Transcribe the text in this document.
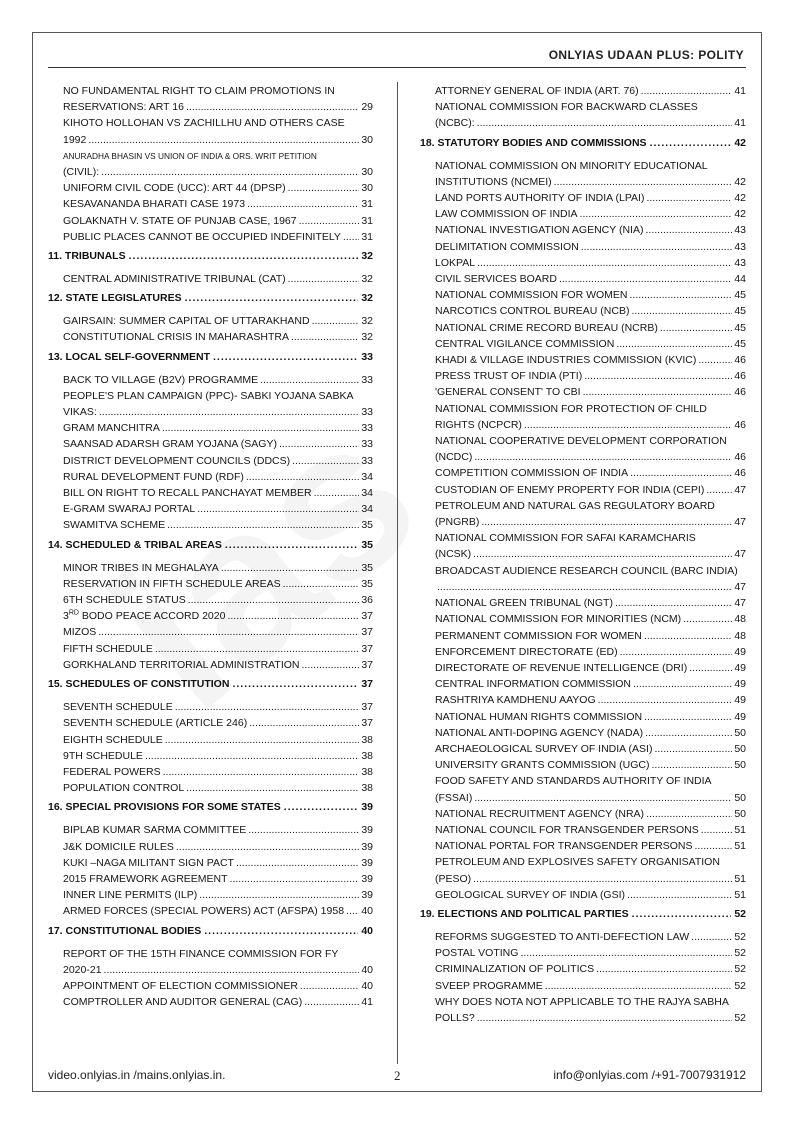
ONLYIAS UDAAN PLUS: POLITY
NO FUNDAMENTAL RIGHT TO CLAIM PROMOTIONS IN
RESERVATIONS: ART 16 .....	29
KIHOTO HOLLOHAN VS ZACHILLHU AND OTHERS CASE
1992 .....	30
ANURADHA BHASIN VS UNION OF INDIA & ORS. WRIT PETITION
(CIVIL): .....	30
UNIFORM CIVIL CODE (UCC): ART 44 (DPSP) .....	30
KESAVANANDA BHARATI CASE 1973 .....	31
GOLAKNATH V. STATE OF PUNJAB CASE, 1967 .....	31
PUBLIC PLACES CANNOT BE OCCUPIED INDEFINITELY ..... 31
11. TRIBUNALS .....	32
CENTRAL ADMINISTRATIVE TRIBUNAL (CAT) .....	32
12. STATE LEGISLATURES .....	32
GAIRSAIN: SUMMER CAPITAL OF UTTARAKHAND .....	32
CONSTITUTIONAL CRISIS IN MAHARASHTRA .....	32
13. LOCAL SELF-GOVERNMENT .....	33
BACK TO VILLAGE (B2V) PROGRAMME .....	33
PEOPLE'S PLAN CAMPAIGN (PPC)- SABKI YOJANA SABKA
VIKAS: .....	33
GRAM MANCHITRA .....	33
SAANSAD ADARSH GRAM YOJANA (SAGY) .....	33
DISTRICT DEVELOPMENT COUNCILS (DDCS) .....	33
RURAL DEVELOPMENT FUND (RDF) .....	34
BILL ON RIGHT TO RECALL PANCHAYAT MEMBER .....	34
E-GRAM SWARAJ PORTAL .....	34
SWAMITVA SCHEME .....	35
14. SCHEDULED & TRIBAL AREAS .....	35
MINOR TRIBES IN MEGHALAYA .....	35
RESERVATION IN FIFTH SCHEDULE AREAS .....	35
6TH SCHEDULE STATUS .....	36
3RD BODO PEACE ACCORD 2020 .....	37
MIZOS .....	37
FIFTH SCHEDULE .....	37
GORKHALAND TERRITORIAL ADMINISTRATION .....	37
15. SCHEDULES OF CONSTITUTION .....	37
SEVENTH SCHEDULE .....	37
SEVENTH SCHEDULE (ARTICLE 246) .....	37
EIGHTH SCHEDULE .....	38
9TH SCHEDULE .....	38
FEDERAL POWERS .....	38
POPULATION CONTROL .....	38
16. SPECIAL PROVISIONS FOR SOME STATES .....	39
BIPLAB KUMAR SARMA COMMITTEE .....	39
J&K DOMICILE RULES .....	39
KUKI –NAGA MILITANT SIGN PACT .....	39
2015 FRAMEWORK AGREEMENT .....	39
INNER LINE PERMITS (ILP) .....	39
ARMED FORCES (SPECIAL POWERS) ACT (AFSPA) 1958 ..... 40
17. CONSTITUTIONAL BODIES .....	40
REPORT OF THE 15TH FINANCE COMMISSION FOR FY
2020-21 .....	40
APPOINTMENT OF ELECTION COMMISSIONER .....	40
COMPTROLLER AND AUDITOR GENERAL (CAG) .....	41
ATTORNEY GENERAL OF INDIA (ART. 76) .....	41
NATIONAL COMMISSION FOR BACKWARD CLASSES
(NCBC): .....	41
18. STATUTORY BODIES AND COMMISSIONS .....	42
NATIONAL COMMISSION ON MINORITY EDUCATIONAL
INSTITUTIONS (NCMEI) .....	42
LAND PORTS AUTHORITY OF INDIA (LPAI) .....	42
LAW COMMISSION OF INDIA .....	42
NATIONAL INVESTIGATION AGENCY (NIA) .....	43
DELIMITATION COMMISSION .....	43
LOKPAL .....	43
CIVIL SERVICES BOARD .....	44
NATIONAL COMMISSION FOR WOMEN .....	45
NARCOTICS CONTROL BUREAU (NCB) .....	45
NATIONAL CRIME RECORD BUREAU (NCRB) .....	45
CENTRAL VIGILANCE COMMISSION .....	45
KHADI & VILLAGE INDUSTRIES COMMISSION (KVIC) .....	46
PRESS TRUST OF INDIA (PTI) .....	46
'GENERAL CONSENT' TO CBI .....	46
NATIONAL COMMISSION FOR PROTECTION OF CHILD
RIGHTS (NCPCR) .....	46
NATIONAL COOPERATIVE DEVELOPMENT CORPORATION
(NCDC) .....	46
COMPETITION COMMISSION OF INDIA .....	46
CUSTODIAN OF ENEMY PROPERTY FOR INDIA (CEPI) .....	47
PETROLEUM AND NATURAL GAS REGULATORY BOARD
(PNGRB) .....	47
NATIONAL COMMISSION FOR SAFAI KARAMCHARIS
(NCSK) .....	47
BROADCAST AUDIENCE RESEARCH COUNCIL (BARC INDIA)
.....
47
NATIONAL GREEN TRIBUNAL (NGT) .....	47
NATIONAL COMMISSION FOR MINORITIES (NCM) .....	48
PERMANENT COMMISSION FOR WOMEN .....	48
ENFORCEMENT DIRECTORATE (ED) .....	49
DIRECTORATE OF REVENUE INTELLIGENCE (DRI) .....	49
CENTRAL INFORMATION COMMISSION .....	49
RASHTRIYA KAMDHENU AAYOG .....	49
NATIONAL HUMAN RIGHTS COMMISSION .....	49
NATIONAL ANTI-DOPING AGENCY (NADA) .....	50
ARCHAEOLOGICAL SURVEY OF INDIA (ASI) .....	50
UNIVERSITY GRANTS COMMISSION (UGC) .....	50
FOOD SAFETY AND STANDARDS AUTHORITY OF INDIA
(FSSAI) .....	50
NATIONAL RECRUITMENT AGENCY (NRA) .....	50
NATIONAL COUNCIL FOR TRANSGENDER PERSONS .....	51
NATIONAL PORTAL FOR TRANSGENDER PERSONS .....	51
PETROLEUM AND EXPLOSIVES SAFETY ORGANISATION
(PESO) .....	51
GEOLOGICAL SURVEY OF INDIA (GSI) .....	51
19. ELECTIONS AND POLITICAL PARTIES .....	52
REFORMS SUGGESTED TO ANTI-DEFECTION LAW .....	52
POSTAL VOTING .....	52
CRIMINALIZATION OF POLITICS .....	52
SVEEP PROGRAMME .....	52
WHY DOES NOTA NOT APPLICABLE TO THE RAJYA SABHA
POLLS? .....	52
video.onlyias.in /mains.onlyias.in.	2	info@onlyias.com /+91-7007931912
